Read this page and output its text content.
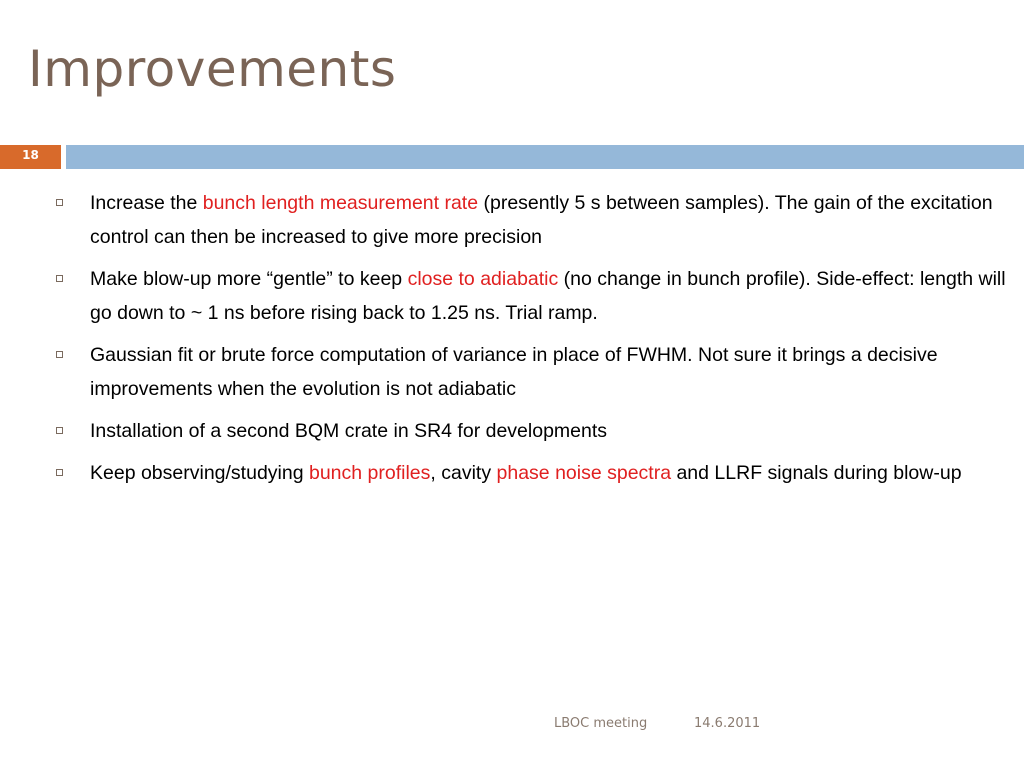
Improvements
18
Increase the bunch length measurement rate (presently 5 s between samples). The gain of the excitation control can then be increased to give more precision
Make blow-up more “gentle” to keep close to adiabatic (no change in bunch profile). Side-effect: length will go down to ~ 1 ns before rising back to 1.25 ns. Trial ramp.
Gaussian fit or brute force computation of variance in place of FWHM. Not sure it brings a decisive improvements when the evolution is not adiabatic
Installation of a second BQM crate in SR4 for developments
Keep observing/studying bunch profiles, cavity phase noise spectra and LLRF signals during blow-up
LBOC meeting	14.6.2011
